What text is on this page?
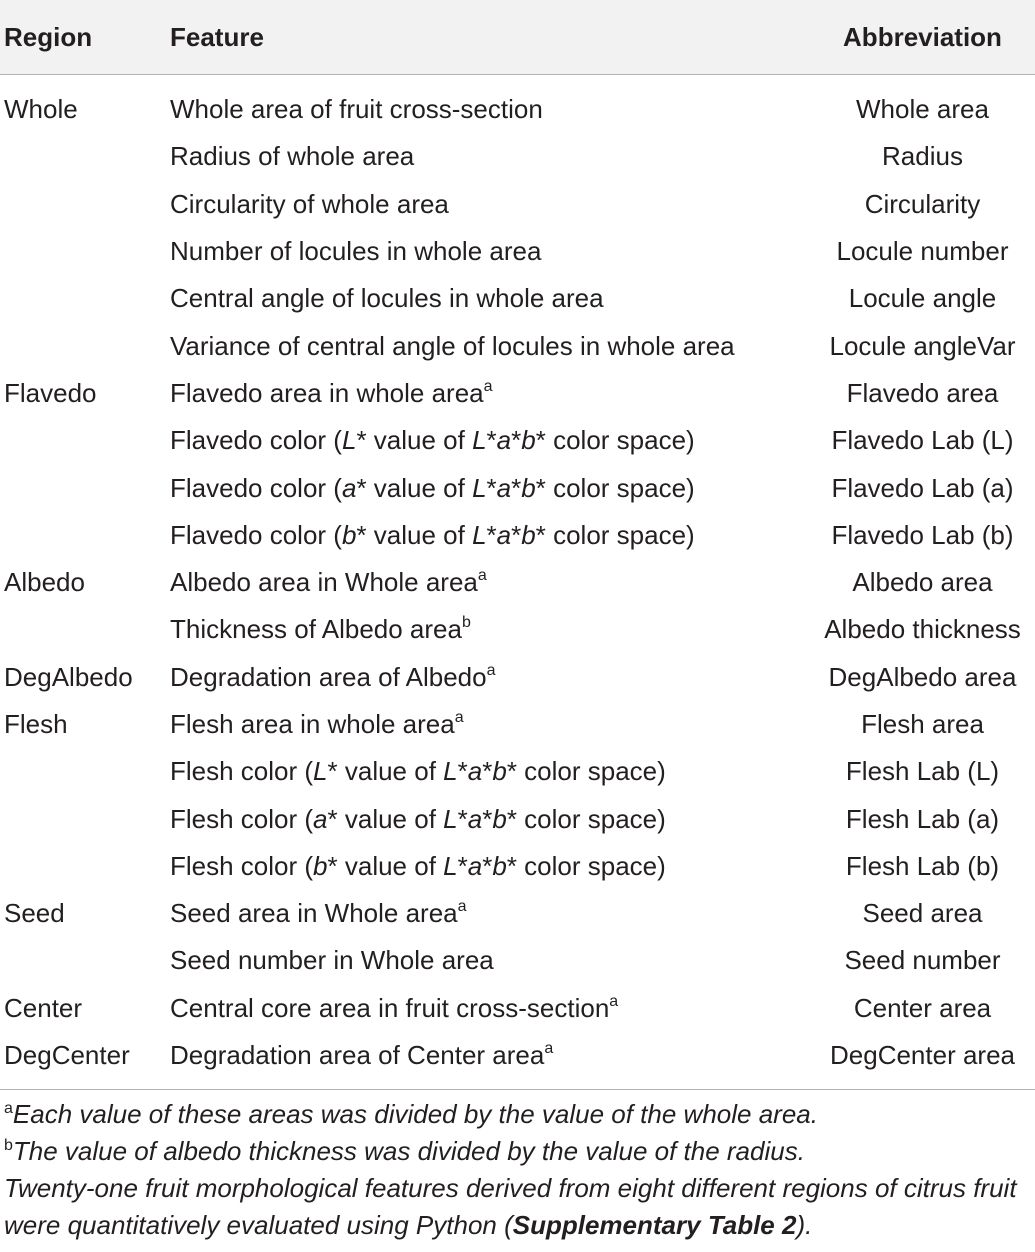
Region	Feature	Abbreviation
Whole	Whole area of fruit cross-section	Whole area
	Radius of whole area	Radius
	Circularity of whole area	Circularity
	Number of locules in whole area	Locule number
	Central angle of locules in whole area	Locule angle
	Variance of central angle of locules in whole area	Locule angleVar
Flavedo	Flavedo area in whole area$^a$	Flavedo area
	Flavedo color (L* value of L*a*b* color space)	Flavedo Lab (L)
	Flavedo color (a* value of L*a*b* color space)	Flavedo Lab (a)
	Flavedo color (b* value of L*a*b* color space)	Flavedo Lab (b)
Albedo	Albedo area in Whole area$^a$	Albedo area
	Thickness of Albedo area$^b$	Albedo thickness
DegAlbedo	Degradation area of Albedo$^a$	DegAlbedo area
Flesh	Flesh area in whole area$^a$	Flesh area
	Flesh color (L* value of L*a*b* color space)	Flesh Lab (L)
	Flesh color (a* value of L*a*b* color space)	Flesh Lab (a)
	Flesh color (b* value of L*a*b* color space)	Flesh Lab (b)
Seed	Seed area in Whole area$^a$	Seed area
	Seed number in Whole area	Seed number
Center	Central core area in fruit cross-section$^a$	Center area
DegCenter	Degradation area of Center area$^a$	DegCenter area
$^a$Each value of these areas was divided by the value of the whole area.
$^b$The value of albedo thickness was divided by the value of the radius.
Twenty-one fruit morphological features derived from eight different regions of citrus fruit were quantitatively evaluated using Python (Supplementary Table 2).
